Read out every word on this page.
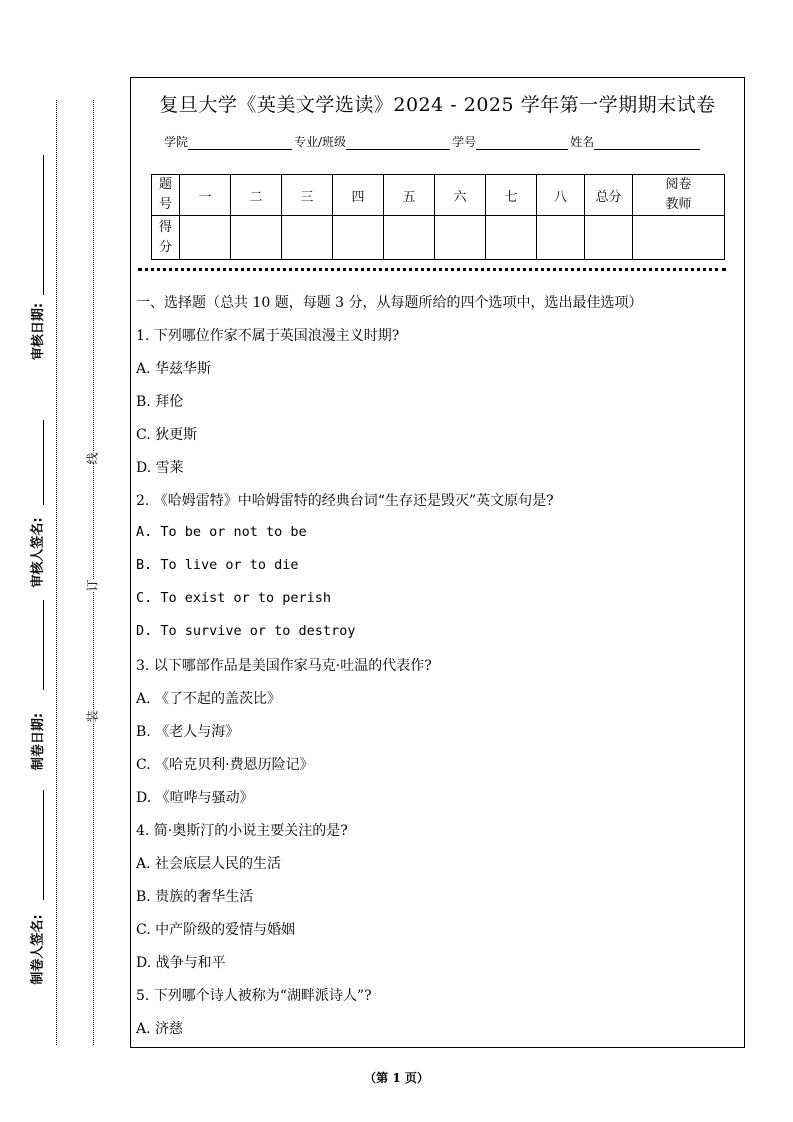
审核日期:
审核人签名:
制卷日期:
制卷人签名:
线
订
装
复旦大学《英美文学选读》2024 - 2025 学年第一学期期末试卷
学院	专业/班级	学号	姓名
题号	一	二	三	四	五	六	七	八	总分	阅卷教师
得分										
一、选择题（总共 10 题，每题 3 分，从每题所给的四个选项中，选出最佳选项）
1. 下列哪位作家不属于英国浪漫主义时期?
A. 华兹华斯
B. 拜伦
C. 狄更斯
D. 雪莱
2. 《哈姆雷特》中哈姆雷特的经典台词“生存还是毁灭”英文原句是?
A. To be or not to be
B. To live or to die
C. To exist or to perish
D. To survive or to destroy
3. 以下哪部作品是美国作家马克·吐温的代表作?
A. 《了不起的盖茨比》
B. 《老人与海》
C. 《哈克贝利·费恩历险记》
D. 《喧哗与骚动》
4. 简·奥斯汀的小说主要关注的是?
A. 社会底层人民的生活
B. 贵族的奢华生活
C. 中产阶级的爱情与婚姻
D. 战争与和平
5. 下列哪个诗人被称为“湖畔派诗人”?
A. 济慈
（第 1 页）
